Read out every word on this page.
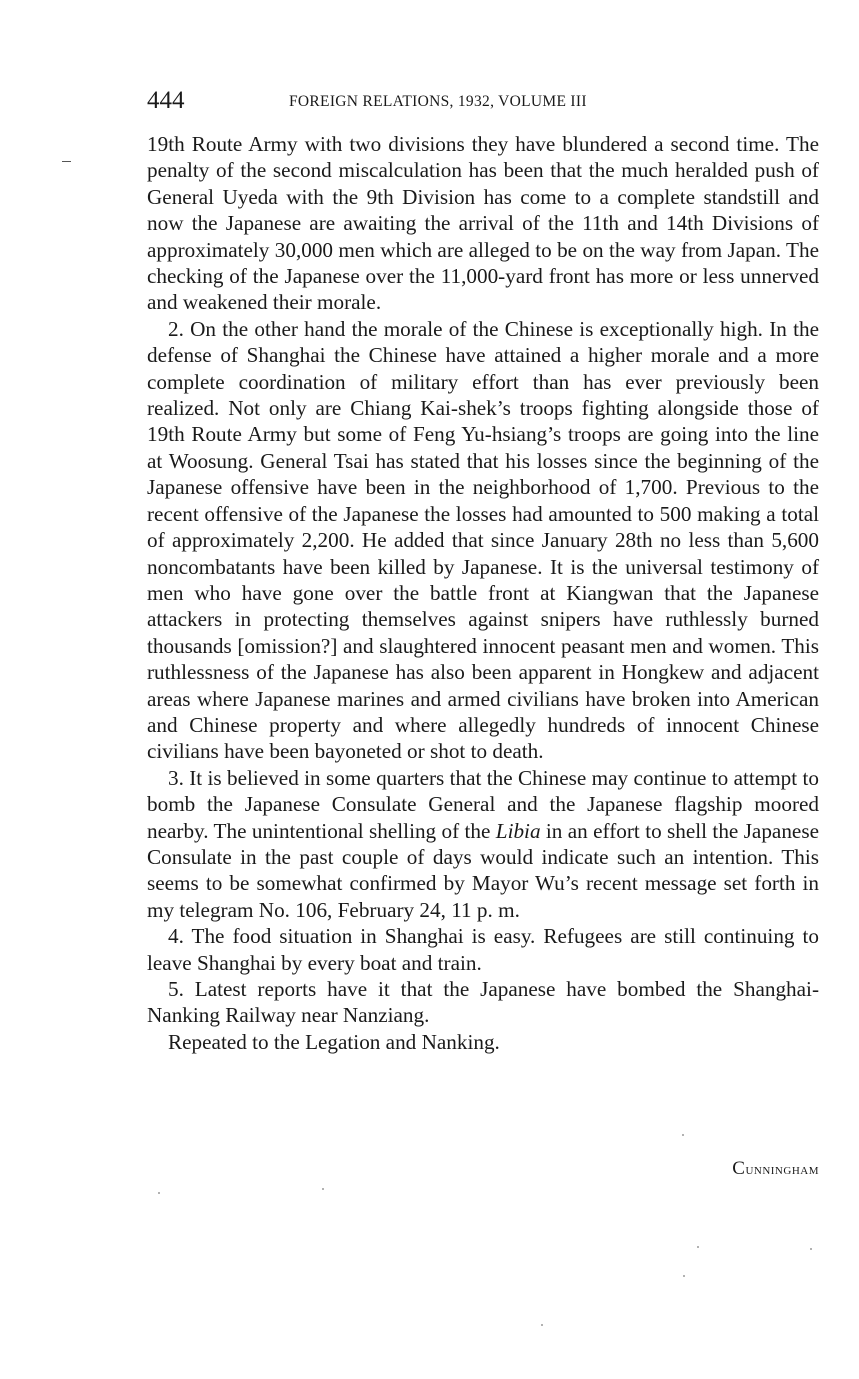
444	FOREIGN RELATIONS, 1932, VOLUME III

19th Route Army with two divisions they have blundered a second time. The penalty of the second miscalculation has been that the much heralded push of General Uyeda with the 9th Division has come to a complete standstill and now the Japanese are awaiting the arrival of the 11th and 14th Divisions of approximately 30,000 men which are alleged to be on the way from Japan. The checking of the Japanese over the 11,000-yard front has more or less unnerved and weakened their morale.

2. On the other hand the morale of the Chinese is exceptionally high. In the defense of Shanghai the Chinese have attained a higher morale and a more complete coordination of military effort than has ever previously been realized. Not only are Chiang Kai-shek’s troops fighting alongside those of 19th Route Army but some of Feng Yu-hsiang’s troops are going into the line at Woosung. General Tsai has stated that his losses since the beginning of the Japanese offensive have been in the neighborhood of 1,700. Previous to the recent offensive of the Japanese the losses had amounted to 500 making a total of approximately 2,200. He added that since January 28th no less than 5,600 noncombatants have been killed by Japanese. It is the universal testimony of men who have gone over the battle front at Kiangwan that the Japanese attackers in protecting themselves against snipers have ruthlessly burned thousands [omission?] and slaughtered innocent peasant men and women. This ruthlessness of the Japanese has also been apparent in Hongkew and adjacent areas where Japanese marines and armed civilians have broken into American and Chinese property and where allegedly hundreds of innocent Chinese civilians have been bayoneted or shot to death.

3. It is believed in some quarters that the Chinese may continue to attempt to bomb the Japanese Consulate General and the Japanese flagship moored nearby. The unintentional shelling of the Libia in an effort to shell the Japanese Consulate in the past couple of days would indicate such an intention. This seems to be somewhat confirmed by Mayor Wu’s recent message set forth in my telegram No. 106, February 24, 11 p. m.

4. The food situation in Shanghai is easy. Refugees are still continuing to leave Shanghai by every boat and train.

5. Latest reports have it that the Japanese have bombed the Shanghai-Nanking Railway near Nanziang.

Repeated to the Legation and Nanking.

Cunningham
